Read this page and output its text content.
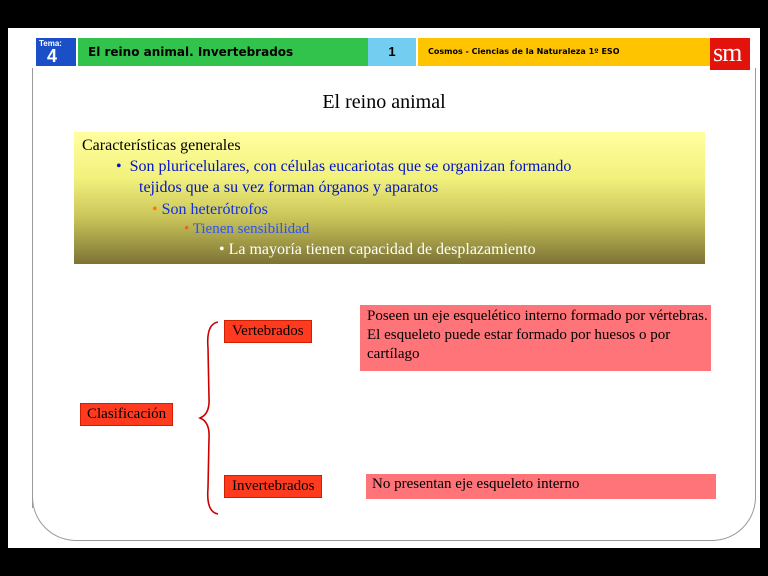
Tema:
4	El reino animal. Invertebrados	1	Cosmos - Ciencias de la Naturaleza 1º ESO	sm
El reino animal
Características generales
•  Son pluricelulares, con células eucariotas que se organizan formando
tejidos que a su vez forman órganos y aparatos
• Son heterótrofos
• Tienen sensibilidad
• La mayoría tienen capacidad de desplazamiento
Clasificación
Vertebrados
Poseen un eje esquelético interno formado por vértebras. El esqueleto puede estar formado por huesos o por cartílago
Invertebrados	No presentan eje esqueleto interno
